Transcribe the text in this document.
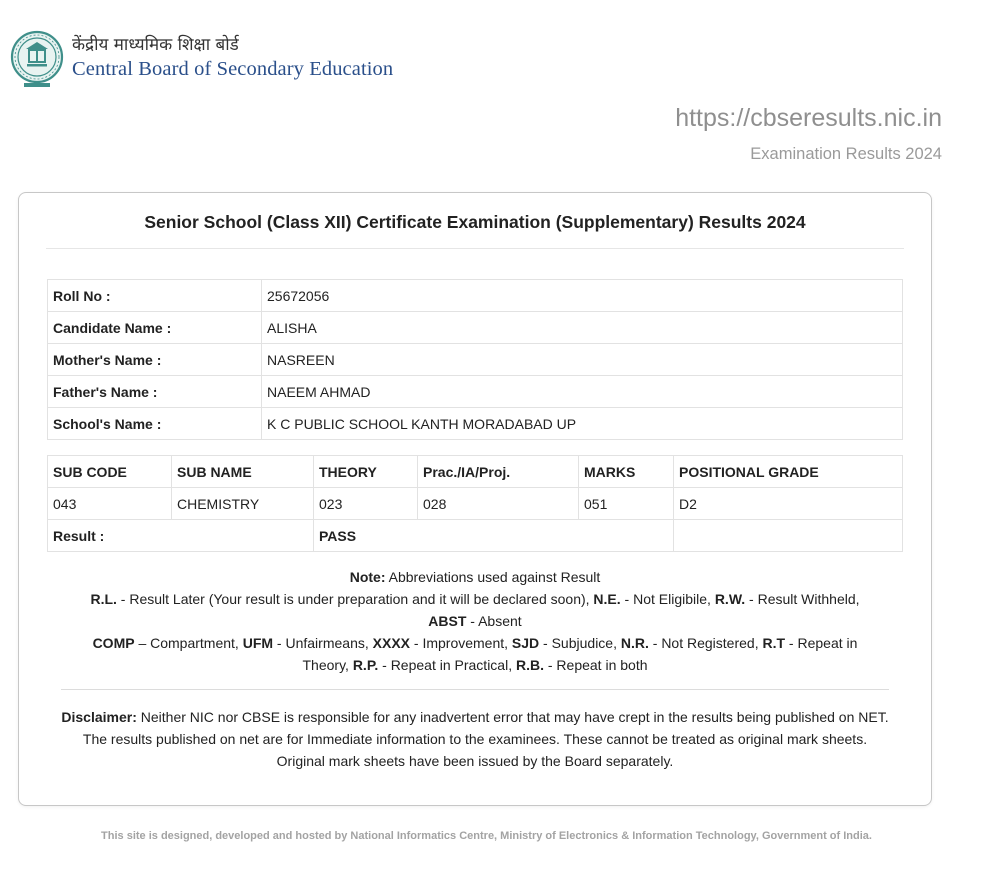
केंद्रीय माध्यमिक शिक्षा बोर्ड
Central Board of Secondary Education
https://cbseresults.nic.in
Examination Results 2024
Senior School (Class XII) Certificate Examination (Supplementary) Results 2024
Roll No :	25672056
Candidate Name :	ALISHA
Mother's Name :	NASREEN
Father's Name :	NAEEM AHMAD
School's Name :	K C PUBLIC SCHOOL KANTH MORADABAD UP
SUB CODE	SUB NAME	THEORY	Prac./IA/Proj.	MARKS	POSITIONAL GRADE
043	CHEMISTRY	023	028	051	D2
Result :		PASS			
Note: Abbreviations used against Result
R.L. - Result Later (Your result is under preparation and it will be declared soon), N.E. - Not Eligibile, R.W. - Result Withheld, ABST - Absent
COMP – Compartment, UFM - Unfairmeans, XXXX - Improvement, SJD - Subjudice, N.R. - Not Registered, R.T - Repeat in Theory, R.P. - Repeat in Practical, R.B. - Repeat in both
Disclaimer: Neither NIC nor CBSE is responsible for any inadvertent error that may have crept in the results being published on NET. The results published on net are for Immediate information to the examinees. These cannot be treated as original mark sheets. Original mark sheets have been issued by the Board separately.
This site is designed, developed and hosted by National Informatics Centre, Ministry of Electronics & Information Technology, Government of India.
